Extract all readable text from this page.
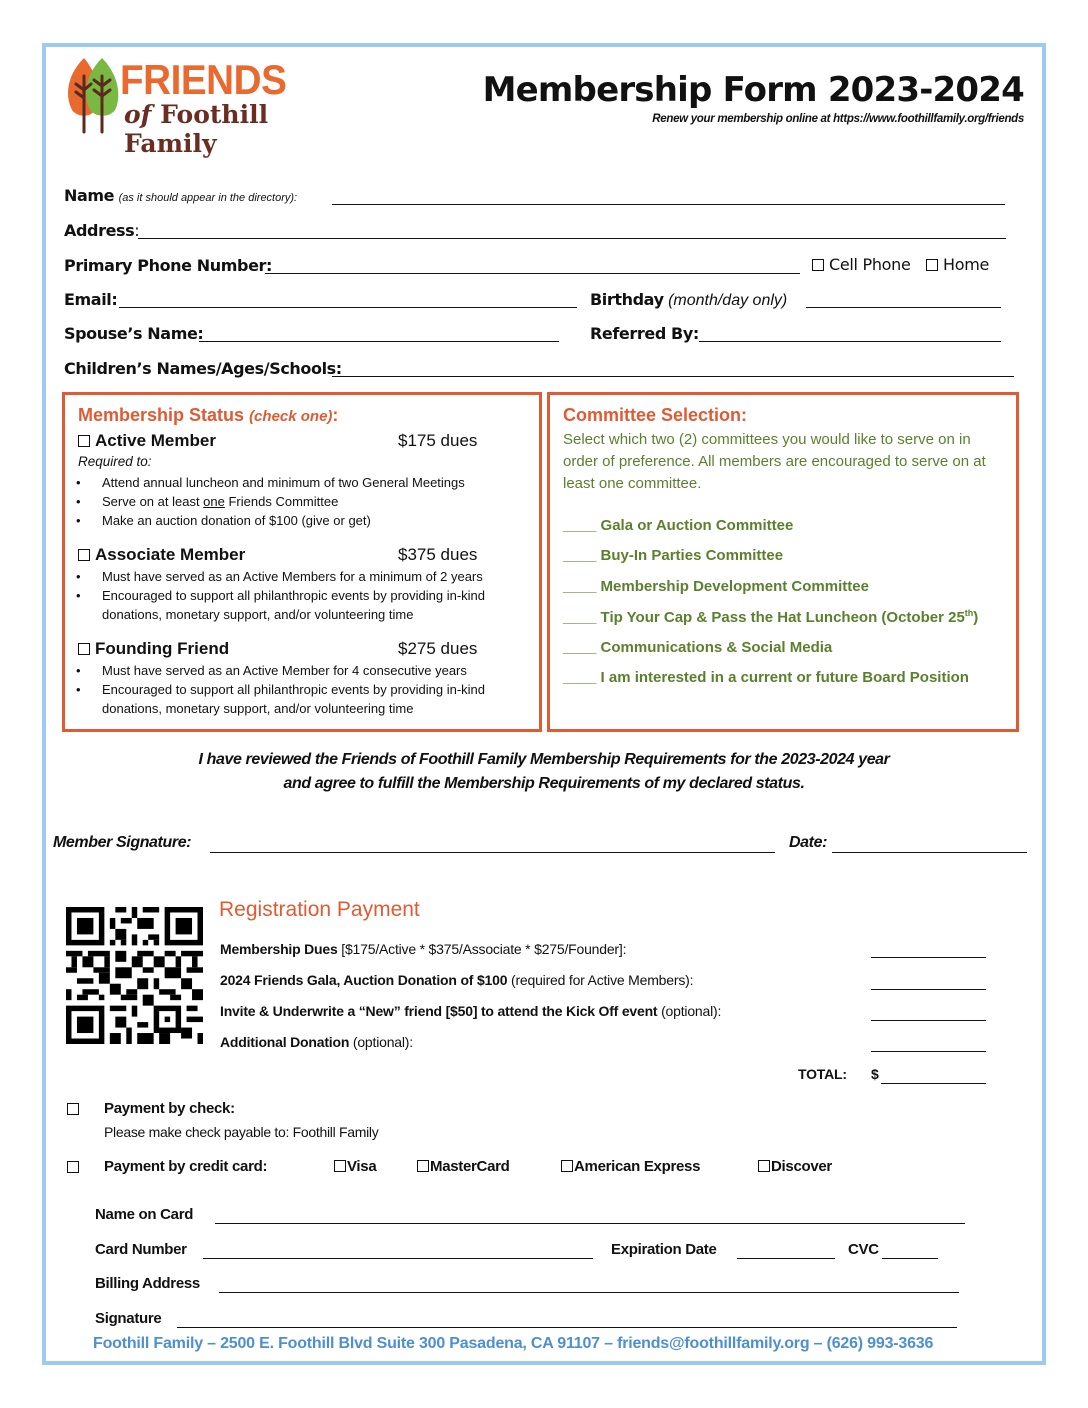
FRIENDS
of Foothill Family
Membership Form 2023-2024
Renew your membership online at https://www.foothillfamily.org/friends
Name (as it should appear in the directory):
Address:
Primary Phone Number:	Cell Phone	Home
Email:	Birthday (month/day only)
Spouse’s Name:	Referred By:
Children’s Names/Ages/Schools:
Membership Status (check one):
Active Member	$175 dues
Required to:
• Attend annual luncheon and minimum of two General Meetings
• Serve on at least one Friends Committee
• Make an auction donation of $100 (give or get)
Associate Member	$375 dues
• Must have served as an Active Members for a minimum of 2 years
• Encouraged to support all philanthropic events by providing in-kind donations, monetary support, and/or volunteering time
Founding Friend	$275 dues
• Must have served as an Active Member for 4 consecutive years
• Encouraged to support all philanthropic events by providing in-kind donations, monetary support, and/or volunteering time
Committee Selection:
Select which two (2) committees you would like to serve on in order of preference. All members are encouraged to serve on at least one committee.
____ Gala or Auction Committee
____ Buy-In Parties Committee
____ Membership Development Committee
____ Tip Your Cap & Pass the Hat Luncheon (October 25th)
____ Communications & Social Media
____ I am interested in a current or future Board Position
I have reviewed the Friends of Foothill Family Membership Requirements for the 2023-2024 year
and agree to fulfill the Membership Requirements of my declared status.
Member Signature:	Date:
Registration Payment
Membership Dues [$175/Active * $375/Associate * $275/Founder]:
2024 Friends Gala, Auction Donation of $100 (required for Active Members):
Invite & Underwrite a “New” friend [$50] to attend the Kick Off event (optional):
Additional Donation (optional):
TOTAL: $
Payment by check:
Please make check payable to: Foothill Family
Payment by credit card:	Visa	MasterCard	American Express	Discover
Name on Card
Card Number	Expiration Date	CVC
Billing Address
Signature
Foothill Family – 2500 E. Foothill Blvd Suite 300 Pasadena, CA 91107 – friends@foothillfamily.org – (626) 993-3636
